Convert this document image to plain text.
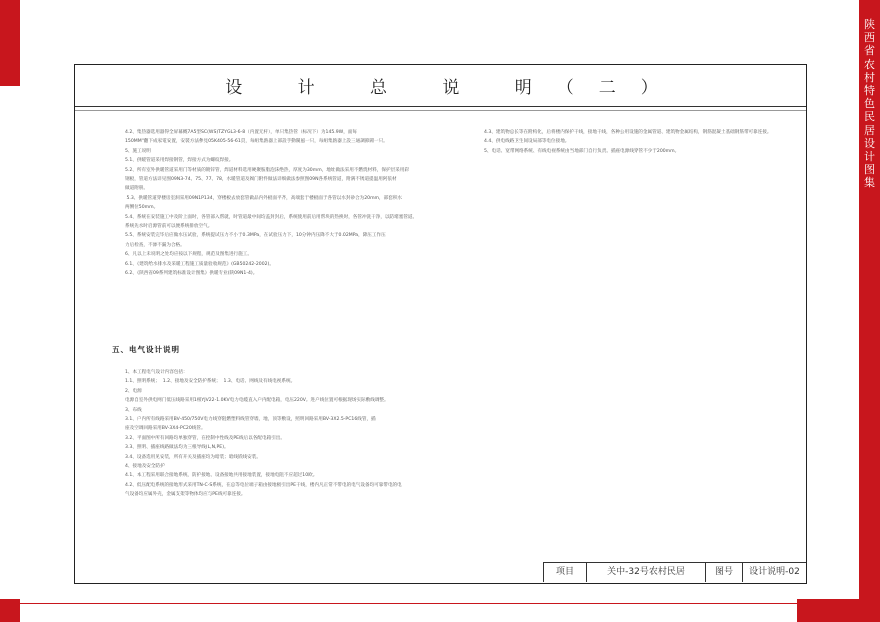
陕西省农村特色民居设计图集
设 计 总 说 明（二）

4.2、集热器选用器得全屏幕概7A5型SC(WS)TZYGL3-6-8（内置无杆），单只集热管（标况下）为145.9W，面每

150MM"翻下成家電安置，安裝方法參見05K405-56-61頁，每組集熱器上部設手動閥風一只，每組集熱器上設三通調節閥一只。

5、施工说明

5.1、供暖管道采用焊接钢管，焊接方式为螺纹焊接。

5.2、所有室外供暖管道采用门等材质的镀锌管，焊道材料选用硬聚胺脂泡沫绝热，厚度为30mm，地址做法采用不燃烧材料，保护层采用彩

钢板，管道方法详见图09N3-74、75、77、78，水暖管道及阀门附件做法详细做法参照图09N各系统管道，附满不锈道提温用阿依材

做道附册。

5.3、供暖管道穿楼房室洞采用09N1P134，穿楼板去放套管做品内外板面平齐，高端套于楼板面于各管以水封砂合为20mm，部套积水

两侧位50mm。

5.4、系统在安装施工中及阶上面时，各管部入帮就，时管道最中间均盖封封后，系统使用前后用帮块的热换时，各管冲洗干净，以防堵塞管道。

系统先水时启源管前可以便系统排放空气。

5.5、系统安装完毕后应做水压试验，系统提试压力不小于0.3MPa，在试验压力下，10分钟内压降不大于0.02MPa，降压工作压

力后检查，不渗不漏为合格。

6、凡以上未说明之处均应按以下规程，规范及图集进行施工。

6.1、《建筑给水排水及采暖工程施工质量验收规范》(GB50242-2002)。

6.2、《陕西省09系列建筑标准设计图集》供暖专业(陕09N1-4)。

4.3、建筑物总长等在附构化，后将楼内保护干线，接地干线，各种公用设施的金属管道、建筑物金属结构，钢筋混凝土基础钢筋带可靠连接。

4.4、供电线路卫生间设局部等电位接地。

5、电话、宽带网络系统、有线电视系统由当地部门自行负责。插座电源线穿管不少于200mm。

五、电气设计说明

1、本工程电气设计内容包括：

1.1、照明系统；  1.2、接地及安全防护系统；  1.3、电话、网线及有线电视系统。

2、电源

电源自室外供电网门低压线路采用1根YJV22-1.0KV电力电缆直入户内配电箱，电压220V。进户线位置可根据现场实际敷线调整。

3、布线

3.1、户内所有线路采用BV-450/750V电力线穿阻燃塑料线管穿墙，地，顶等敷设，照明回路采用BV-3X2.5-PC16线管，插

座及空调回路采用BV-3X4-PC20线管。

3.2、平面图中所有回路均单独穿管，在控制中性线及PE线后以各配电箱引出。

3.3、照明、插座线路做法均为三根导线(L,N,PE)。

3.4、设备选用见安装，所有开关及插座均为暗装；暗线嵌线安装。

4、接地及安全防护

4.1、本工程采用联合接地系统，防护接地、设备接地共用接地装置，接地电阻不应超过10欧。

4.2、低压配电系统的接地形式采用TN-C-S系统，在总等电位端子箱由接地极引出PE干线，楼内凡正常不带电的电气设备均可靠带电的电

气设备均应属外壳，金属支架等物体均应与PE线可靠连接。

项目	关中-32号农村民居	图号	设计说明-02
